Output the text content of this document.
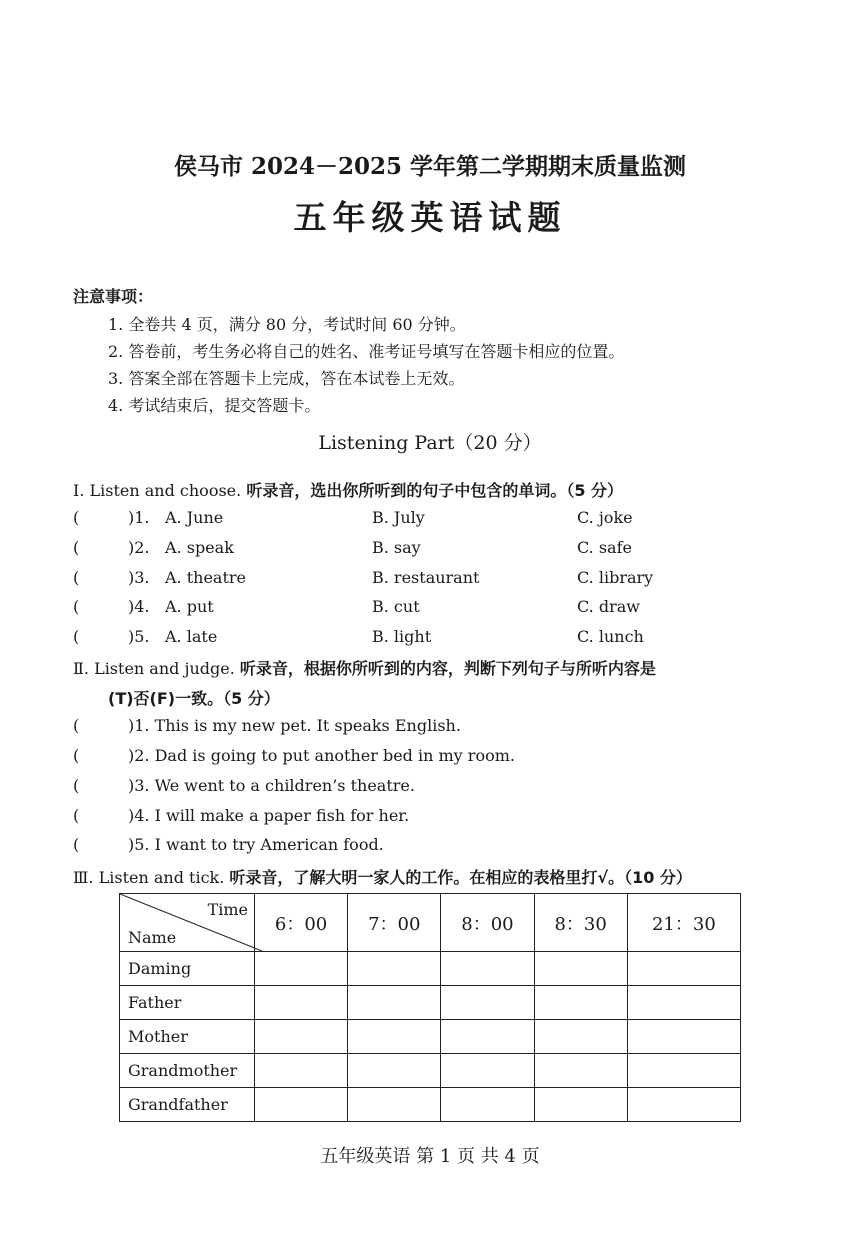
侯马市 2024－2025 学年第二学期期末质量监测
五年级英语试题
注意事项：
1. 全卷共 4 页，满分 80 分，考试时间 60 分钟。
2. 答卷前，考生务必将自己的姓名、准考证号填写在答题卡相应的位置。
3. 答案全部在答题卡上完成，答在本试卷上无效。
4. 考试结束后，提交答题卡。
Listening Part（20 分）
Ⅰ. Listen and choose. 听录音，选出你所听到的句子中包含的单词。（5 分）
(	)1. A. June	B. July	C. joke
(	)2. A. speak	B. say	C. safe
(	)3. A. theatre	B. restaurant	C. library
(	)4. A. put	B. cut	C. draw
(	)5. A. late	B. light	C. lunch
Ⅱ. Listen and judge. 听录音，根据你所听到的内容，判断下列句子与所听内容是
(T)否(F)一致。（5 分）
(	)1. This is my new pet. It speaks English.
(	)2. Dad is going to put another bed in my room.
(	)3. We went to a children’s theatre.
(	)4. I will make a paper fish for her.
(	)5. I want to try American food.
Ⅲ. Listen and tick. 听录音，了解大明一家人的工作。在相应的表格里打√。（10 分）
Time
Name	6：00	7：00	8：00	8：30	21：30
Daming					
Father					
Mother					
Grandmother					
Grandfather					
五年级英语 第 1 页 共 4 页
